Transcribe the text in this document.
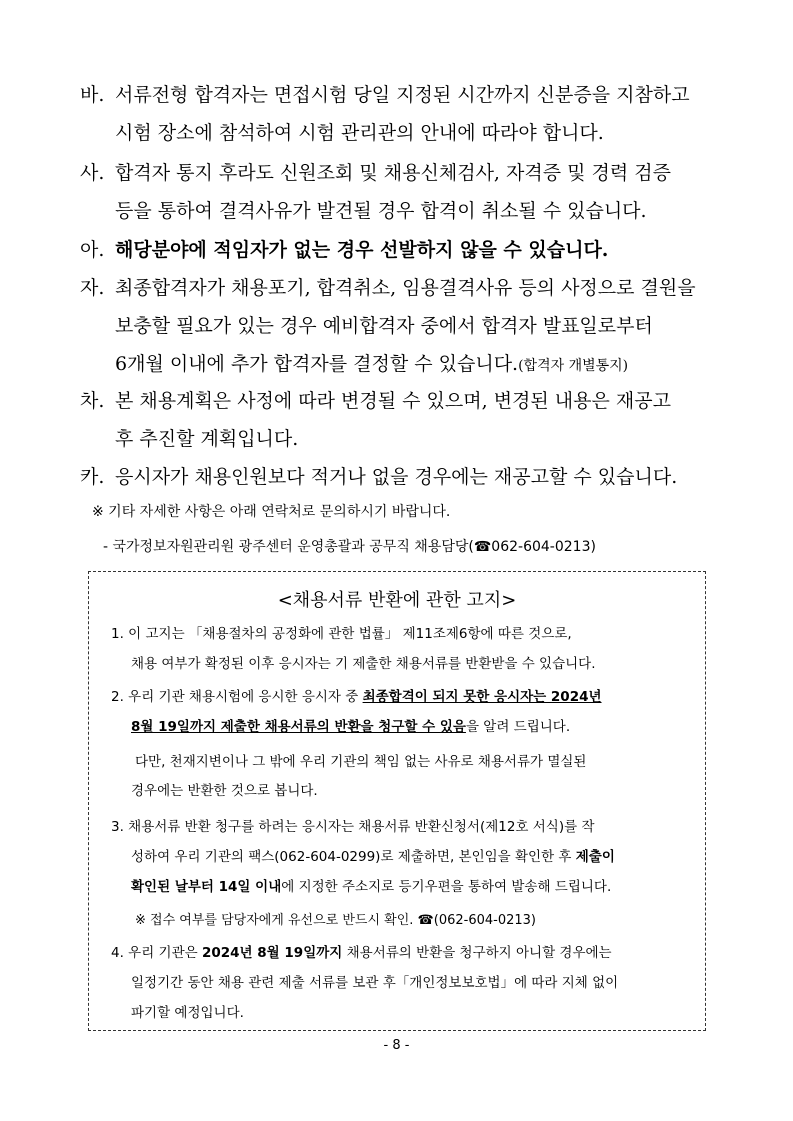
바. 서류전형 합격자는 면접시험 당일 지정된 시간까지 신분증을 지참하고
시험 장소에 참석하여 시험 관리관의 안내에 따라야 합니다.
사. 합격자 통지 후라도 신원조회 및 채용신체검사, 자격증 및 경력 검증
등을 통하여 결격사유가 발견될 경우 합격이 취소될 수 있습니다.
아. 해당분야에 적임자가 없는 경우 선발하지 않을 수 있습니다.
자. 최종합격자가 채용포기, 합격취소, 임용결격사유 등의 사정으로 결원을
보충할 필요가 있는 경우 예비합격자 중에서 합격자 발표일로부터
6개월 이내에 추가 합격자를 결정할 수 있습니다.(합격자 개별통지)
차. 본 채용계획은 사정에 따라 변경될 수 있으며, 변경된 내용은 재공고
후 추진할 계획입니다.
카. 응시자가 채용인원보다 적거나 없을 경우에는 재공고할 수 있습니다.
※ 기타 자세한 사항은 아래 연락처로 문의하시기 바랍니다.
- 국가정보자원관리원 광주센터 운영총괄과 공무직 채용담당(☎062-604-0213)
<채용서류 반환에 관한 고지>
1. 이 고지는 「채용절차의 공정화에 관한 법률」 제11조제6항에 따른 것으로,
채용 여부가 확정된 이후 응시자는 기 제출한 채용서류를 반환받을 수 있습니다.
2. 우리 기관 채용시험에 응시한 응시자 중 최종합격이 되지 못한 응시자는 2024년
8월 19일까지 제출한 채용서류의 반환을 청구할 수 있음을 알려 드립니다.
다만, 천재지변이나 그 밖에 우리 기관의 책임 없는 사유로 채용서류가 멸실된
경우에는 반환한 것으로 봅니다.
3. 채용서류 반환 청구를 하려는 응시자는 채용서류 반환신청서(제12호 서식)를 작
성하여 우리 기관의 팩스(062-604-0299)로 제출하면, 본인임을 확인한 후 제출이
확인된 날부터 14일 이내에 지정한 주소지로 등기우편을 통하여 발송해 드립니다.
※ 접수 여부를 담당자에게 유선으로 반드시 확인. ☎(062-604-0213)
4. 우리 기관은 2024년 8월 19일까지 채용서류의 반환을 청구하지 아니할 경우에는
일정기간 동안 채용 관련 제출 서류를 보관 후「개인정보보호법」에 따라 지체 없이
파기할 예정입니다.
- 8 -
